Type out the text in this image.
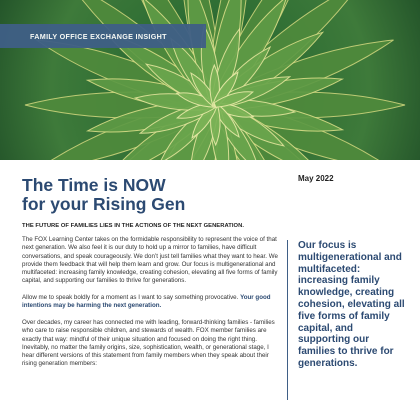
FAMILY OFFICE EXCHANGE INSIGHT
The Time is NOW
for your Rising Gen
May 2022
THE FUTURE OF FAMILIES LIES IN THE ACTIONS OF THE NEXT GENERATION.

The FOX Learning Center takes on the formidable responsibility to represent the voice of that next generation. We also feel it is our duty to hold up a mirror to families, have difficult conversations, and speak courageously. We don’t just tell families what they want to hear. We provide them feedback that will help them learn and grow. Our focus is multigenerational and multifaceted: increasing family knowledge, creating cohesion, elevating all five forms of family capital, and supporting our families to thrive for generations.

Allow me to speak boldly for a moment as I want to say something provocative. Your good intentions may be harming the next generation.

Over decades, my career has connected me with leading, forward-thinking families - families who care to raise responsible children, and stewards of wealth. FOX member families are exactly that way: mindful of their unique situation and focused on doing the right thing. Inevitably, no matter the family origins, size, sophistication, wealth, or generational stage, I hear different versions of this statement from family members when they speak about their rising generation members:

Our focus is multigenerational and multifaceted: increasing family knowledge, creating cohesion, elevating all five forms of family capital, and supporting our families to thrive for generations.
